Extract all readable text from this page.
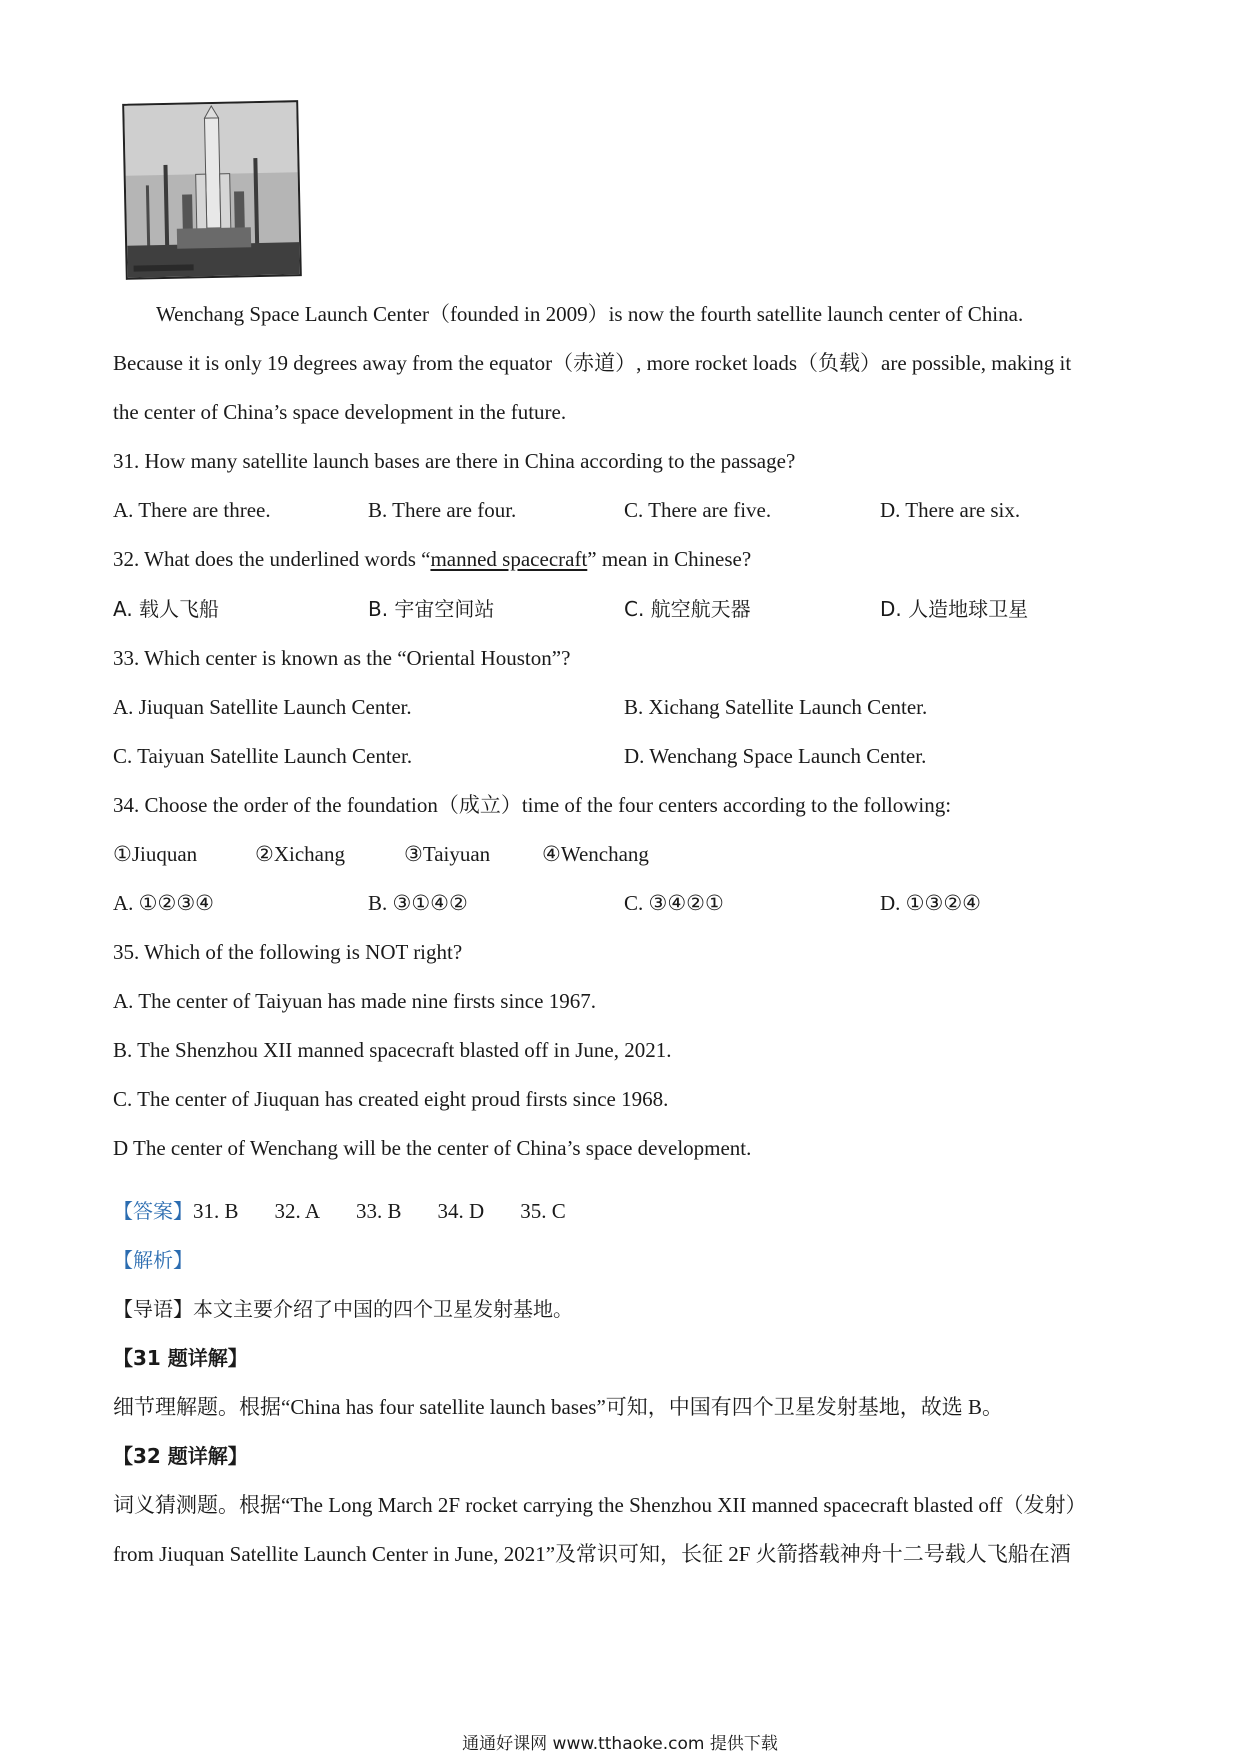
Wenchang Space Launch Center（founded in 2009）is now the fourth satellite launch center of China.
Because it is only 19 degrees away from the equator（赤道）, more rocket loads（负载）are possible, making it
the center of China’s space development in the future.
31. How many satellite launch bases are there in China according to the passage?
A. There are three.	B. There are four.	C. There are five.	D. There are six.
32. What does the underlined words “manned spacecraft” mean in Chinese?
A. 载人飞船	B. 宇宙空间站	C. 航空航天器	D. 人造地球卫星
33. Which center is known as the “Oriental Houston”?
A. Jiuquan Satellite Launch Center.	B. Xichang Satellite Launch Center.
C. Taiyuan Satellite Launch Center.	D. Wenchang Space Launch Center.
34. Choose the order of the foundation（成立）time of the four centers according to the following:
①Jiuquan	②Xichang	③Taiyuan ④Wenchang
A. ①②③④	B. ③①④②	C. ③④②①	D. ①③②④
35. Which of the following is NOT right?
A. The center of Taiyuan has made nine firsts since 1967.
B. The Shenzhou XII manned spacecraft blasted off in June, 2021.
C. The center of Jiuquan has created eight proud firsts since 1968.
D The center of Wenchang will be the center of China’s space development.
【答案】31. B 32. A 33. B 34. D 35. C
【解析】
【导语】本文主要介绍了中国的四个卫星发射基地。
【31 题详解】
细节理解题。根据“China has four satellite launch bases”可知，中国有四个卫星发射基地，故选 B。
【32 题详解】
词义猜测题。根据“The Long March 2F rocket carrying the Shenzhou XII manned spacecraft blasted off（发射）
from Jiuquan Satellite Launch Center in June, 2021”及常识可知，长征 2F 火箭搭载神舟十二号载人飞船在酒
通通好课网 www.tthaoke.com 提供下载
